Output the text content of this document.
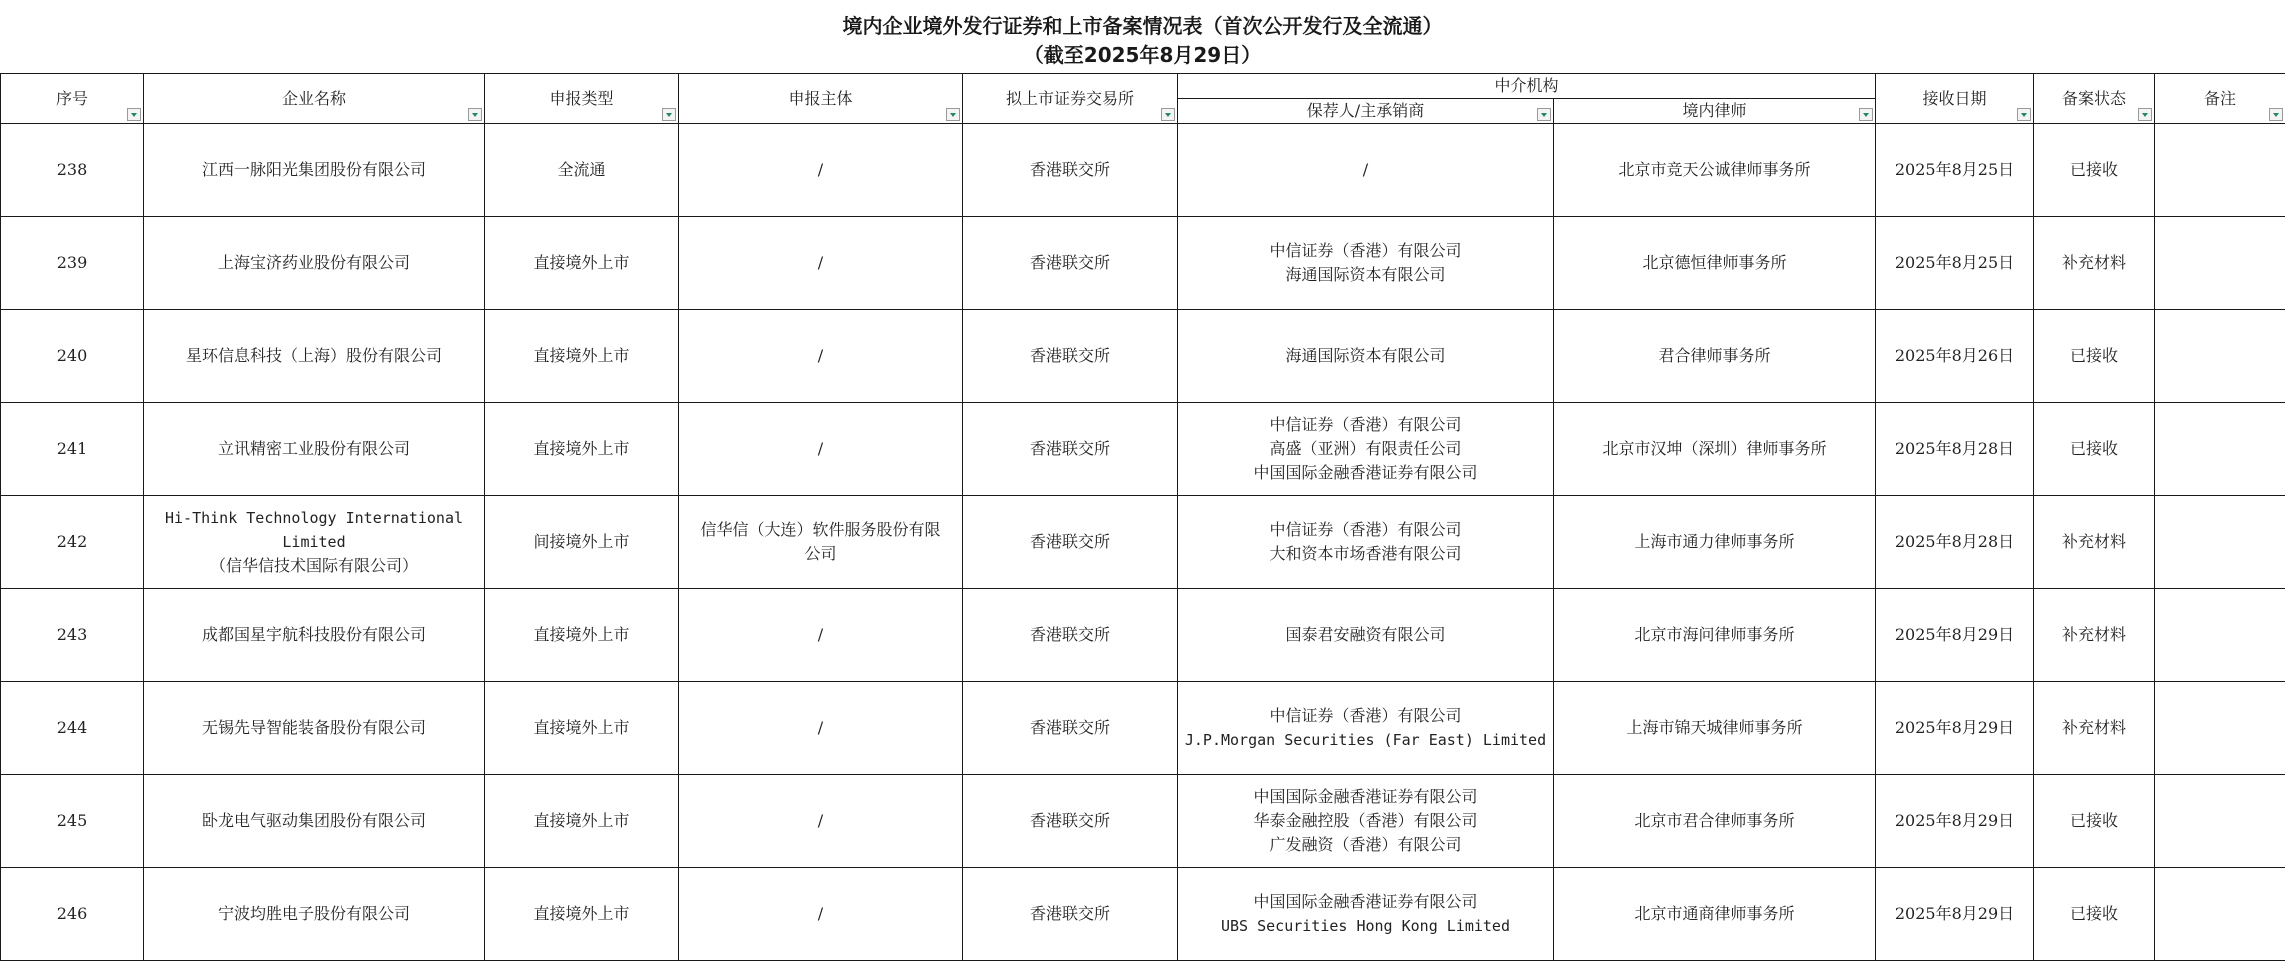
境内企业境外发行证券和上市备案情况表（首次公开发行及全流通）
（截至2025年8月29日）
序号	企业名称	申报类型	申报主体	拟上市证券交易所	中介机构		接收日期	备案状态	备注

					保荐人/主承销商	境内律师			

238	江西一脉阳光集团股份有限公司	全流通	/	香港联交所	/	北京市竞天公诚律师事务所	2025年8月25日	已接收	

239	上海宝济药业股份有限公司	直接境外上市	/	香港联交所	中信证券（香港）有限公司
海通国际资本有限公司	北京德恒律师事务所	2025年8月25日	补充材料	

240	星环信息科技（上海）股份有限公司	直接境外上市	/	香港联交所	海通国际资本有限公司	君合律师事务所	2025年8月26日	已接收	

241	立讯精密工业股份有限公司	直接境外上市	/	香港联交所	中信证券（香港）有限公司
高盛（亚洲）有限责任公司
中国国际金融香港证券有限公司	北京市汉坤（深圳）律师事务所	2025年8月28日	已接收	

242	Hi-Think Technology International
Limited
（信华信技术国际有限公司）	间接境外上市	信华信（大连）软件服务股份有限
公司	香港联交所	中信证券（香港）有限公司
大和资本市场香港有限公司	上海市通力律师事务所	2025年8月28日	补充材料	

243	成都国星宇航科技股份有限公司	直接境外上市	/	香港联交所	国泰君安融资有限公司	北京市海问律师事务所	2025年8月29日	补充材料	

244	无锡先导智能装备股份有限公司	直接境外上市	/	香港联交所	中信证券（香港）有限公司
J.P.Morgan Securities (Far East) Limited	上海市锦天城律师事务所	2025年8月29日	补充材料	

245	卧龙电气驱动集团股份有限公司	直接境外上市	/	香港联交所	中国国际金融香港证券有限公司
华泰金融控股（香港）有限公司
广发融资（香港）有限公司	北京市君合律师事务所	2025年8月29日	已接收	

246	宁波均胜电子股份有限公司	直接境外上市	/	香港联交所	中国国际金融香港证券有限公司
UBS Securities Hong Kong Limited	北京市通商律师事务所	2025年8月29日	已接收	
